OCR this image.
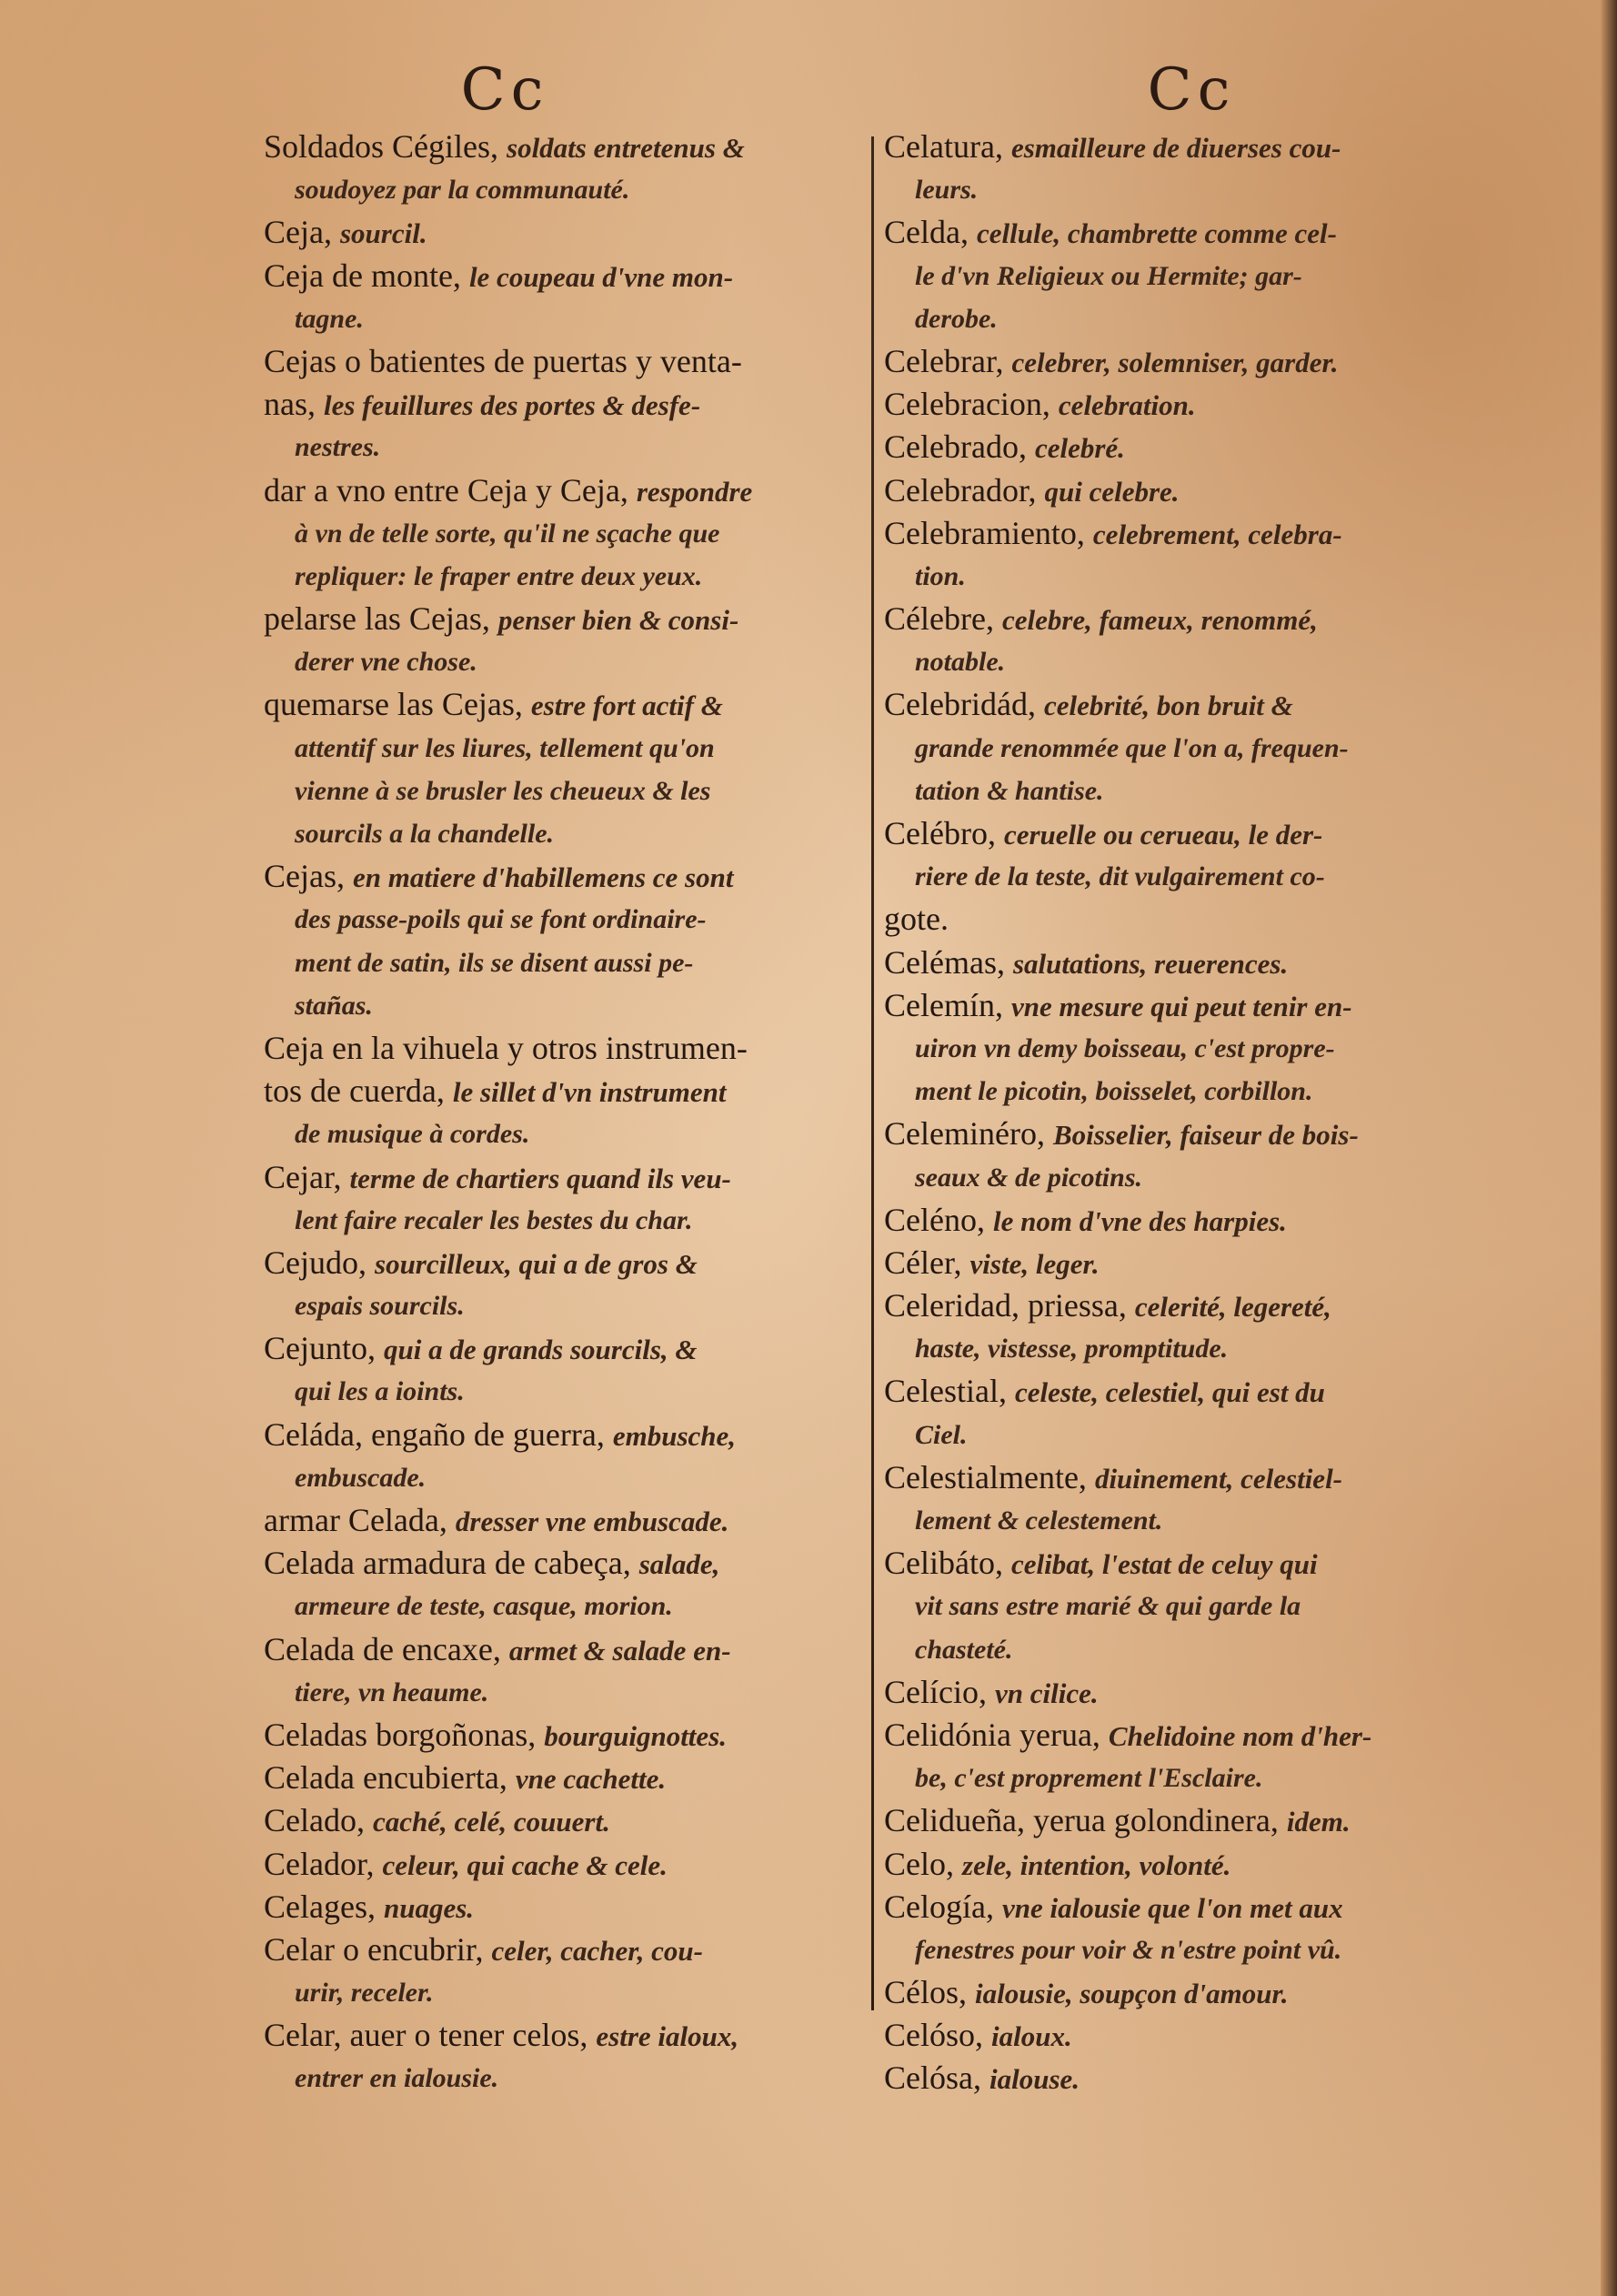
Cc	Cc
Soldados Cégiles, soldats entretenus &
soudoyez par la communauté.
Ceja, sourcil.
Ceja de monte, le coupeau d'vne mon-
tagne.
Cejas o batientes de puertas y venta-
nas, les feuillures des portes & desfe-
nestres.
dar a vno entre Ceja y Ceja, respondre
à vn de telle sorte, qu'il ne sçache que
repliquer: le fraper entre deux yeux.
pelarse las Cejas, penser bien & consi-
derer vne chose.
quemarse las Cejas, estre fort actif &
attentif sur les liures, tellement qu'on
vienne à se brusler les cheueux & les
sourcils a la chandelle.
Cejas, en matiere d'habillemens ce sont
des passe-poils qui se font ordinaire-
ment de satin, ils se disent aussi pe-
stañas.
Ceja en la vihuela y otros instrumen-
tos de cuerda, le sillet d'vn instrument
de musique à cordes.
Cejar, terme de chartiers quand ils veu-
lent faire recaler les bestes du char.
Cejudo, sourcilleux, qui a de gros &
espais sourcils.
Cejunto, qui a de grands sourcils, &
qui les a ioints.
Celáda, engaño de guerra, embusche,
embuscade.
armar Celada, dresser vne embuscade.
Celada armadura de cabeça, salade,
armeure de teste, casque, morion.
Celada de encaxe, armet & salade en-
tiere, vn heaume.
Celadas borgoñonas, bourguignottes.
Celada encubierta, vne cachette.
Celado, caché, celé, couuert.
Celador, celeur, qui cache & cele.
Celages, nuages.
Celar o encubrir, celer, cacher, cou-
urir, receler.
Celar, auer o tener celos, estre ialoux,
entrer en ialousie.
Celatura, esmailleure de diuerses cou-
leurs.
Celda, cellule, chambrette comme cel-
le d'vn Religieux ou Hermite; gar-
derobe.
Celebrar, celebrer, solemniser, garder.
Celebracion, celebration.
Celebrado, celebré.
Celebrador, qui celebre.
Celebramiento, celebrement, celebra-
tion.
Célebre, celebre, fameux, renommé,
notable.
Celebridád, celebrité, bon bruit &
grande renommée que l'on a, frequen-
tation & hantise.
Celébro, ceruelle ou cerueau, le der-
riere de la teste, dit vulgairement co-
gote.
Celémas, salutations, reuerences.
Celemín, vne mesure qui peut tenir en-
uiron vn demy boisseau, c'est propre-
ment le picotin, boisselet, corbillon.
Celeminéro, Boisselier, faiseur de bois-
seaux & de picotins.
Celéno, le nom d'vne des harpies.
Céler, viste, leger.
Celeridad, priessa, celerité, legereté,
haste, vistesse, promptitude.
Celestial, celeste, celestiel, qui est du
Ciel.
Celestialmente, diuinement, celestiel-
lement & celestement.
Celibáto, celibat, l'estat de celuy qui
vit sans estre marié & qui garde la
chasteté.
Celício, vn cilice.
Celidónia yerua, Chelidoine nom d'her-
be, c'est proprement l'Esclaire.
Celidueña, yerua golondinera, idem.
Celo, zele, intention, volonté.
Celogía, vne ialousie que l'on met aux
fenestres pour voir & n'estre point vû.
Célos, ialousie, soupçon d'amour.
Celóso, ialoux.
Celósa, ialouse.
